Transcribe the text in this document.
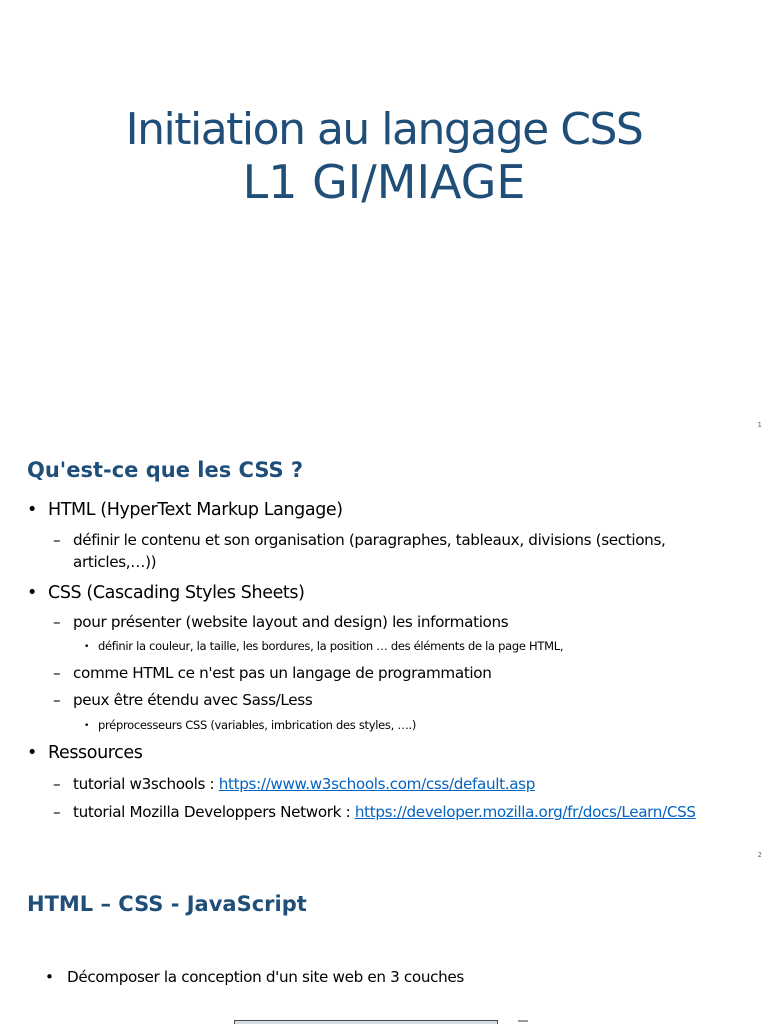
Initiation au langage CSS
L1 GI/MIAGE
1
Qu'est-ce que les CSS ?
• HTML (HyperText Markup Langage)
– définir le contenu et son organisation (paragraphes, tableaux, divisions (sections,
articles,…))
• CSS (Cascading Styles Sheets)
– pour présenter (website layout and design) les informations
• définir la couleur, la taille, les bordures, la position … des éléments de la page HTML,
– comme HTML ce n'est pas un langage de programmation
– peux être étendu avec Sass/Less
• préprocesseurs CSS (variables, imbrication des styles, ….)
• Ressources
– tutorial w3schools : https://www.w3schools.com/css/default.asp
– tutorial Mozilla Developpers Network : https://developer.mozilla.org/fr/docs/Learn/CSS
2
HTML – CSS - JavaScript
• Décomposer la conception d'un site web en 3 couches
